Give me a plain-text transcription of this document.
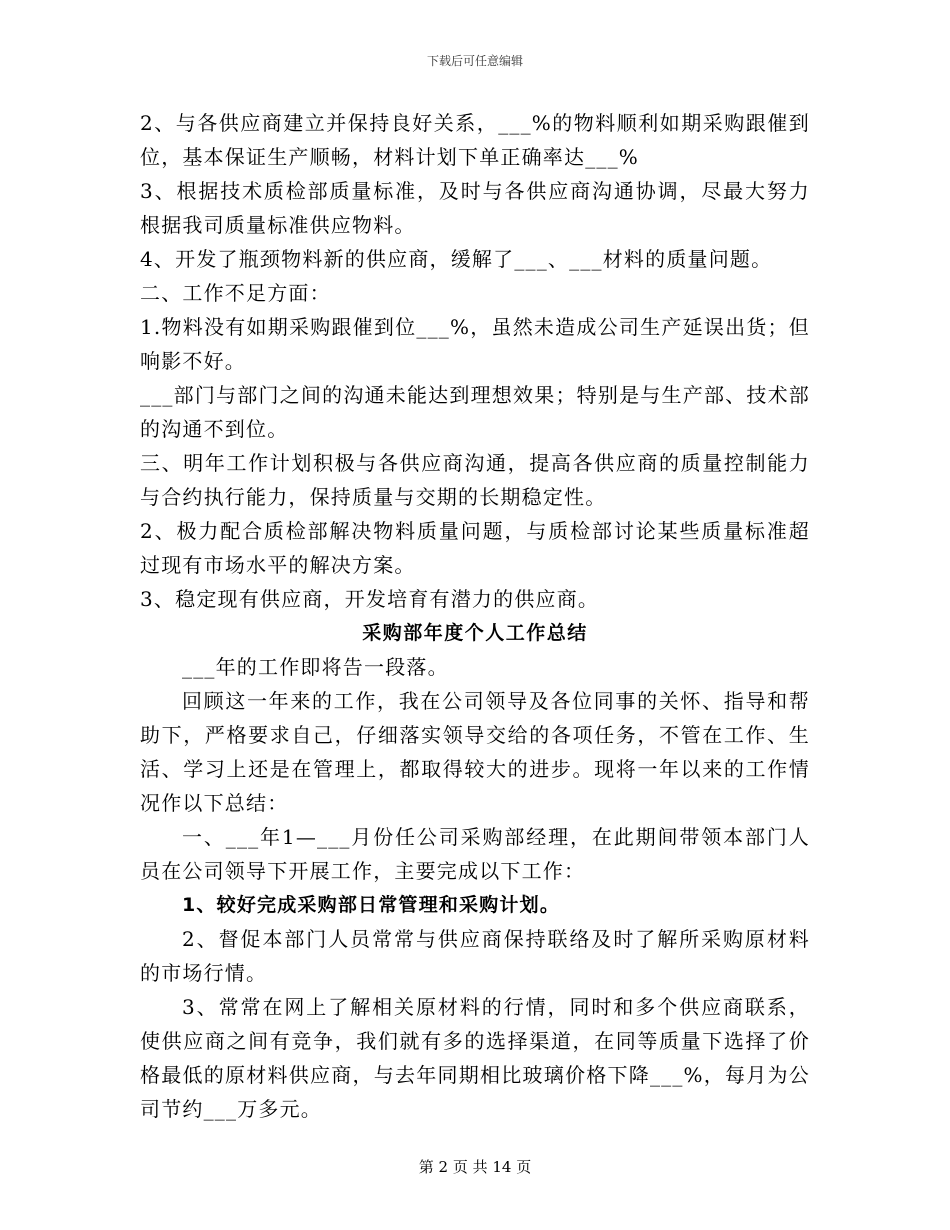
下载后可任意编辑

2、与各供应商建立并保持良好关系，___%的物料顺利如期采购跟催到位，基本保证生产顺畅，材料计划下单正确率达___%

3、根据技术质检部质量标准，及时与各供应商沟通协调，尽最大努力根据我司质量标准供应物料。

4、开发了瓶颈物料新的供应商，缓解了___、___材料的质量问题。

二、工作不足方面：

1.物料没有如期采购跟催到位___%，虽然未造成公司生产延误出货；但响影不好。

___部门与部门之间的沟通未能达到理想效果；特别是与生产部、技术部的沟通不到位。

三、明年工作计划积极与各供应商沟通，提高各供应商的质量控制能力与合约执行能力，保持质量与交期的长期稳定性。

2、极力配合质检部解决物料质量问题，与质检部讨论某些质量标准超过现有市场水平的解决方案。

3、稳定现有供应商，开发培育有潜力的供应商。

采购部年度个人工作总结

___年的工作即将告一段落。

回顾这一年来的工作，我在公司领导及各位同事的关怀、指导和帮助下，严格要求自己，仔细落实领导交给的各项任务，不管在工作、生活、学习上还是在管理上，都取得较大的进步。现将一年以来的工作情况作以下总结：

一、___年1—___月份任公司采购部经理，在此期间带领本部门人员在公司领导下开展工作，主要完成以下工作：

1、较好完成采购部日常管理和采购计划。

2、督促本部门人员常常与供应商保持联络及时了解所采购原材料的市场行情。

3、常常在网上了解相关原材料的行情，同时和多个供应商联系，使供应商之间有竞争，我们就有多的选择渠道，在同等质量下选择了价格最低的原材料供应商，与去年同期相比玻璃价格下降___%，每月为公司节约___万多元。

第 2 页 共 14 页
